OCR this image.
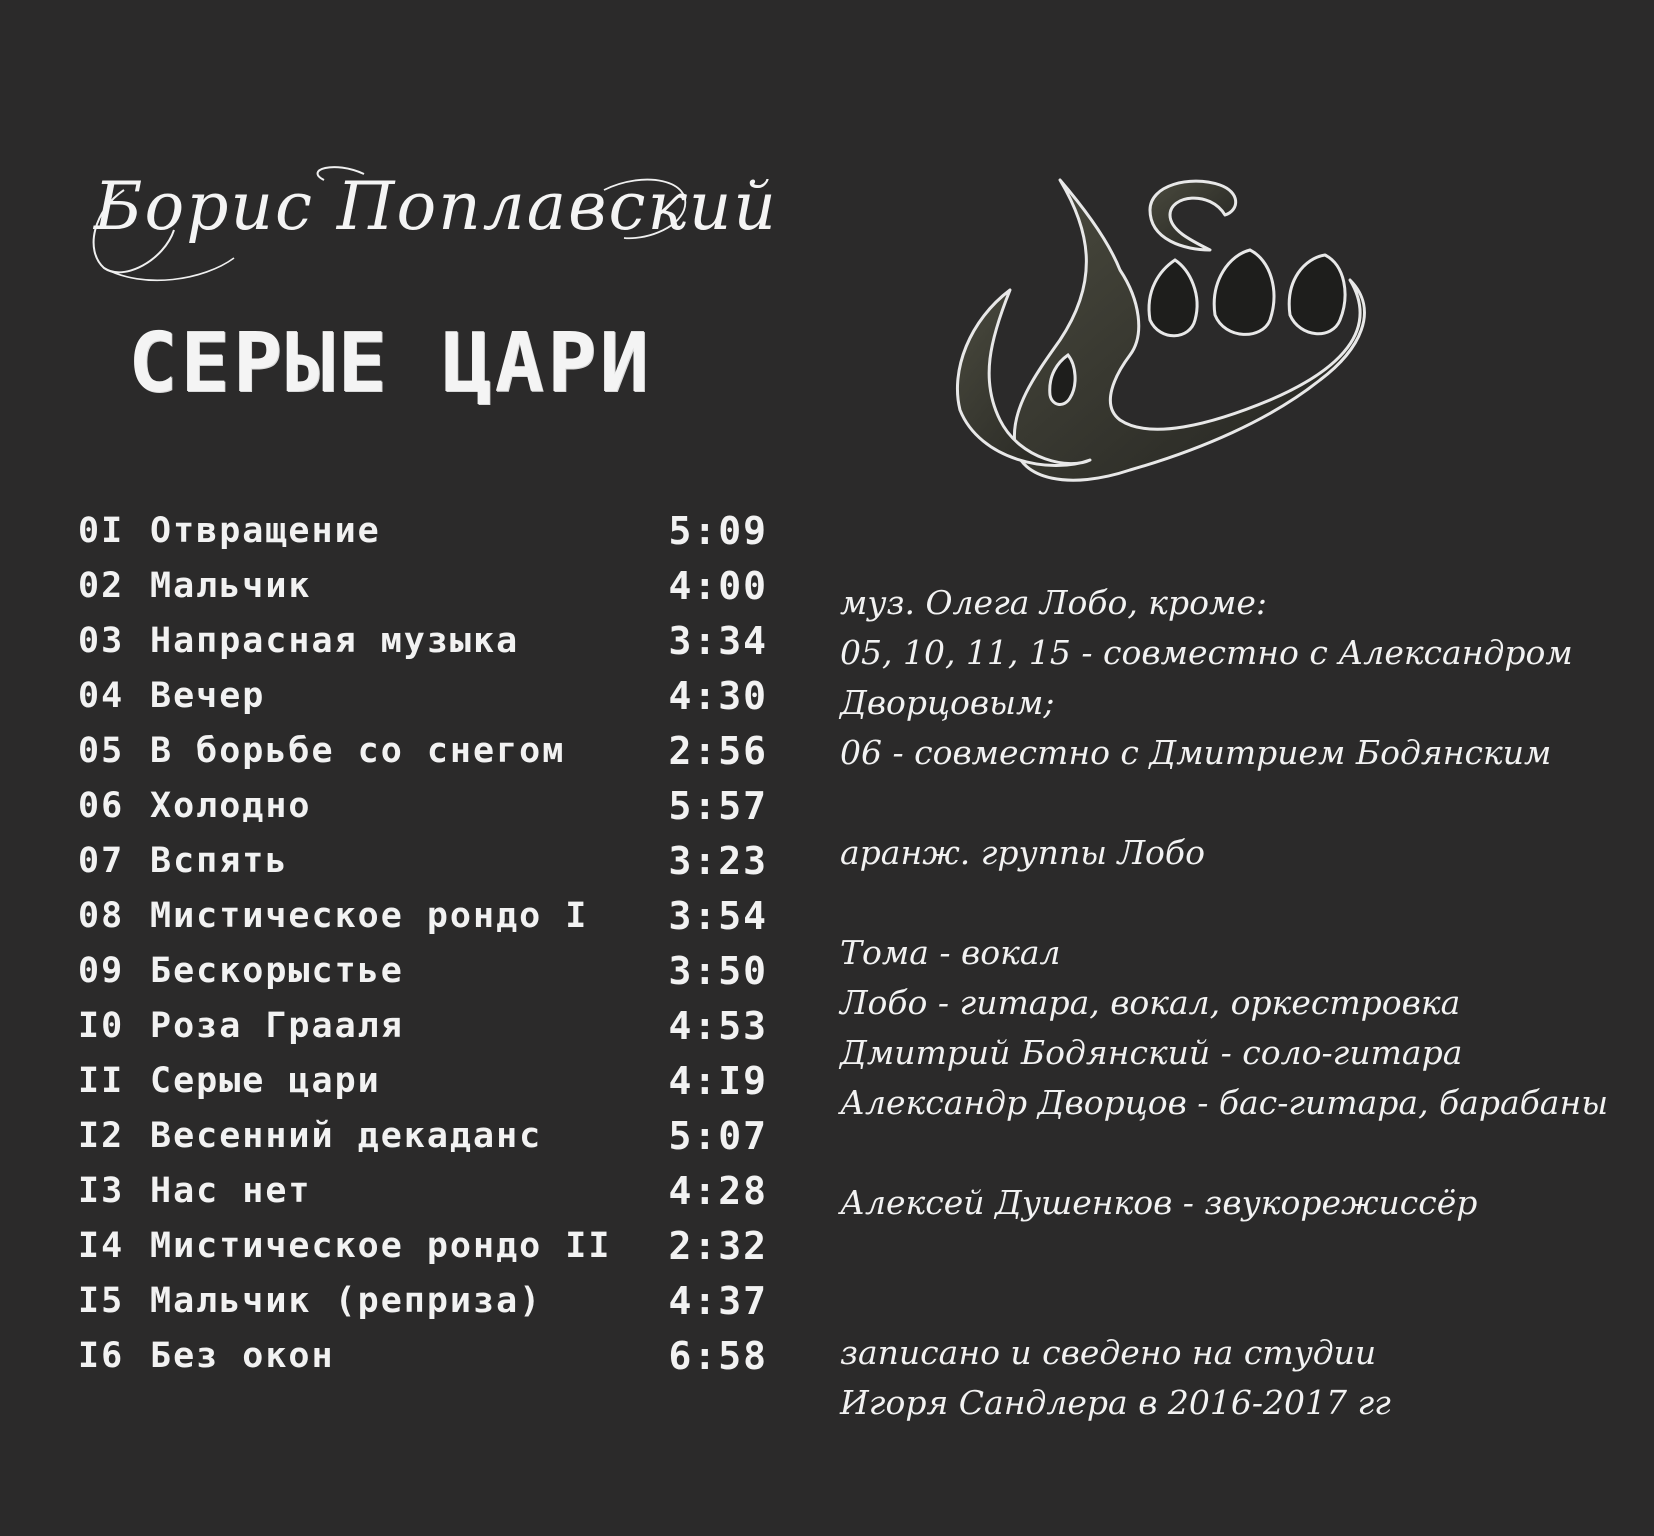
Борис Поплавский
СЕРЫЕ ЦАРИ
0I Отвращение	5:09
02 Мальчик	4:00
03 Напрасная музыка	3:34
04 Вечер	4:30
05 В борьбе со снегом	2:56
06 Холодно	5:57
07 Вспять	3:23
08 Мистическое рондо I 3:54
09 Бескорыстье	3:50
I0 Роза Грааля	4:53
II Серые цари	4:I9
I2 Весенний декаданс	5:07
I3 Нас нет	4:28
I4 Мистическое рондо II 2:32
I5 Мальчик (реприза)	4:37
I6 Без окон	6:58
муз. Олега Лобо, кроме:
05, 10, 11, 15 - совместно с Александром
Дворцовым;
06 - совместно с Дмитрием Бодянским
аранж. группы Лобо
Тома - вокал
Лобо - гитара, вокал, оркестровка
Дмитрий Бодянский - соло-гитара
Александр Дворцов - бас-гитара, барабаны
Алексей Душенков - звукорежиссёр
записано и сведено на студии
Игоря Сандлера в 2016-2017 гг
